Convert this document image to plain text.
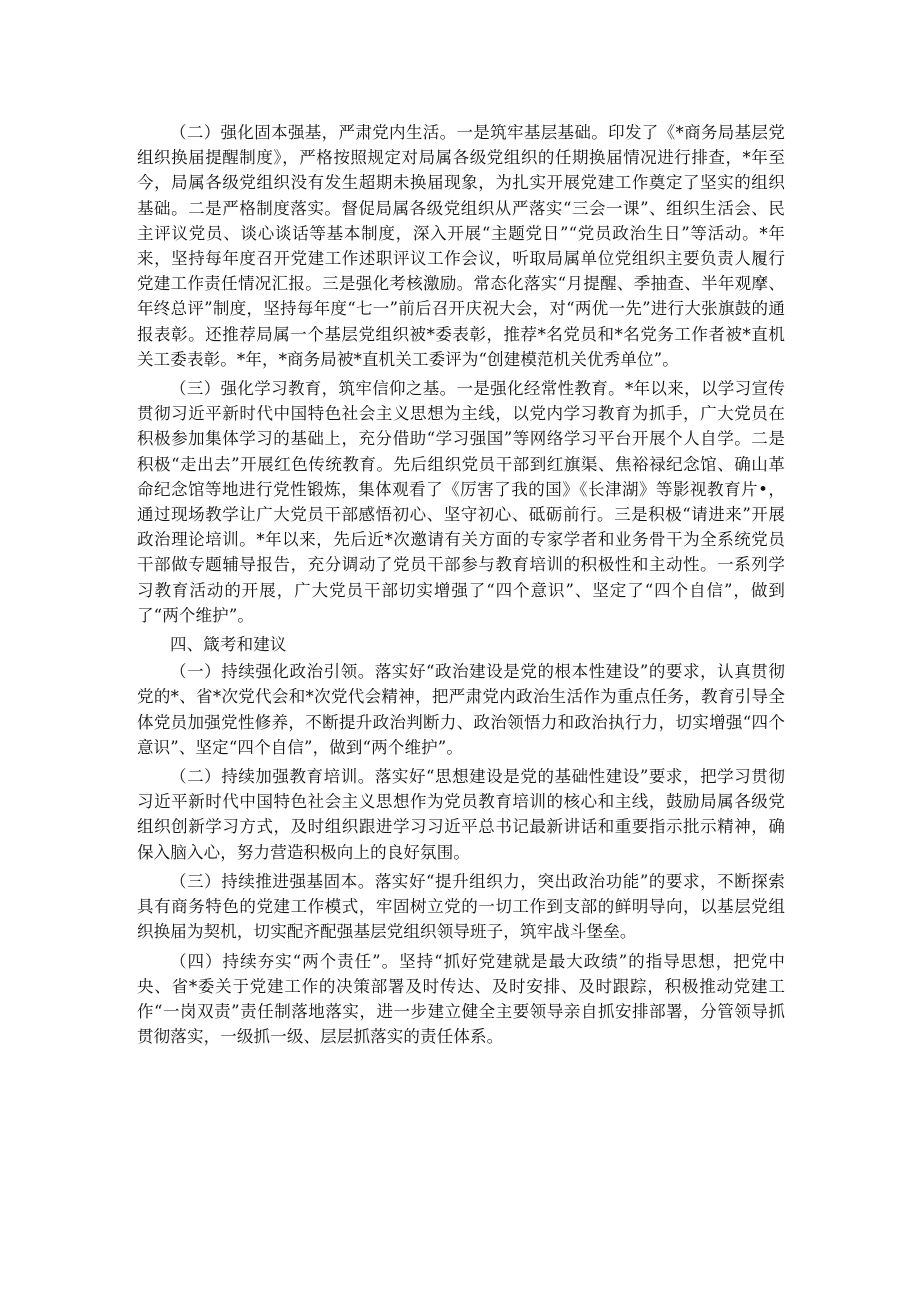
（二）强化固本强基，严肃党内生活。一是筑牢基层基础。印发了《*商务局基层党组织换届提醒制度》，严格按照规定对局属各级党组织的任期换届情况进行排查，*年至今，局属各级党组织没有发生超期未换届现象，为扎实开展党建工作奠定了坚实的组织基础。二是严格制度落实。督促局属各级党组织从严落实“三会一课”、组织生活会、民主评议党员、谈心谈话等基本制度，深入开展“主题党日”“党员政治生日”等活动。*年来，坚持每年度召开党建工作述职评议工作会议，听取局属单位党组织主要负责人履行党建工作责任情况汇报。三是强化考核激励。常态化落实“月提醒、季抽查、半年观摩、年终总评”制度，坚持每年度“七一”前后召开庆祝大会，对“两优一先”进行大张旗鼓的通报表彰。还推荐局属一个基层党组织被*委表彰，推荐*名党员和*名党务工作者被*直机关工委表彰。*年，*商务局被*直机关工委评为“创建模范机关优秀单位”。

（三）强化学习教育，筑牢信仰之基。一是强化经常性教育。*年以来，以学习宣传贯彻习近平新时代中国特色社会主义思想为主线，以党内学习教育为抓手，广大党员在积极参加集体学习的基础上，充分借助“学习强国”等网络学习平台开展个人自学。二是积极“走出去”开展红色传统教育。先后组织党员干部到红旗渠、焦裕禄纪念馆、确山革命纪念馆等地进行党性锻炼，集体观看了《厉害了我的国》《长津湖》等影视教育片•，通过现场教学让广大党员干部感悟初心、坚守初心、砥砺前行。三是积极“请进来”开展政治理论培训。*年以来，先后近*次邀请有关方面的专家学者和业务骨干为全系统党员干部做专题辅导报告，充分调动了党员干部参与教育培训的积极性和主动性。一系列学习教育活动的开展，广大党员干部切实增强了“四个意识”、坚定了“四个自信”，做到了“两个维护”。

四、箴考和建议

（一）持续强化政治引领。落实好“政治建设是党的根本性建设”的要求，认真贯彻党的*、省*次党代会和*次党代会精神，把严肃党内政治生活作为重点任务，教育引导全体党员加强党性修养，不断提升政治判断力、政治领悟力和政治执行力，切实增强“四个意识”、坚定“四个自信”，做到“两个维护”。

（二）持续加强教育培训。落实好“思想建设是党的基础性建设”要求，把学习贯彻习近平新时代中国特色社会主义思想作为党员教育培训的核心和主线，鼓励局属各级党组织创新学习方式，及时组织跟进学习习近平总书记最新讲话和重要指示批示精神，确保入脑入心，努力营造积极向上的良好氛围。

（三）持续推进强基固本。落实好“提升组织力，突出政治功能”的要求，不断探索具有商务特色的党建工作模式，牢固树立党的一切工作到支部的鲜明导向，以基层党组织换届为契机，切实配齐配强基层党组织领导班子，筑牢战斗堡垒。

（四）持续夯实“两个责任”。坚持“抓好党建就是最大政绩”的指导思想，把党中央、省*委关于党建工作的决策部署及时传达、及时安排、及时跟踪，积极推动党建工作“一岗双责”责任制落地落实，进一步建立健全主要领导亲自抓安排部署，分管领导抓贯彻落实，一级抓一级、层层抓落实的责任体系。
